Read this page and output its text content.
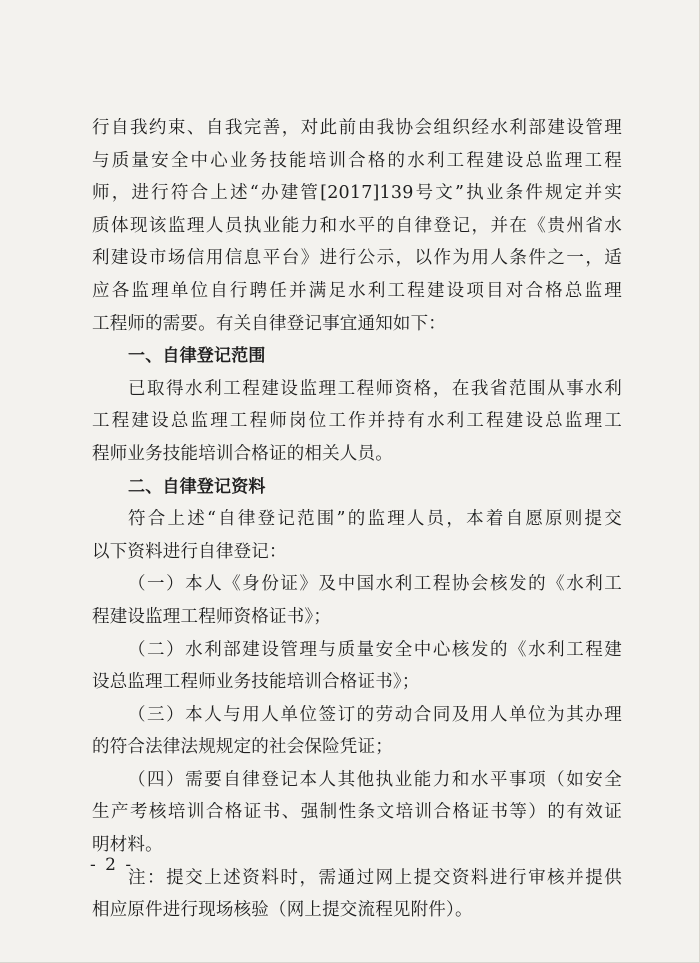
行自我约束、自我完善，对此前由我协会组织经水利部建设管理
与质量安全中心业务技能培训合格的水利工程建设总监理工程
师，进行符合上述“办建管[2017]139号文”执业条件规定并实
质体现该监理人员执业能力和水平的自律登记，并在《贵州省水
利建设市场信用信息平台》进行公示，以作为用人条件之一，适
应各监理单位自行聘任并满足水利工程建设项目对合格总监理
工程师的需要。有关自律登记事宜通知如下：
一、自律登记范围
已取得水利工程建设监理工程师资格，在我省范围从事水利
工程建设总监理工程师岗位工作并持有水利工程建设总监理工
程师业务技能培训合格证的相关人员。
二、自律登记资料
符合上述“自律登记范围”的监理人员，本着自愿原则提交
以下资料进行自律登记：
（一）本人《身份证》及中国水利工程协会核发的《水利工
程建设监理工程师资格证书》；
（二）水利部建设管理与质量安全中心核发的《水利工程建
设总监理工程师业务技能培训合格证书》；
（三）本人与用人单位签订的劳动合同及用人单位为其办理
的符合法律法规规定的社会保险凭证；
（四）需要自律登记本人其他执业能力和水平事项（如安全
生产考核培训合格证书、强制性条文培训合格证书等）的有效证
明材料。
注：提交上述资料时，需通过网上提交资料进行审核并提供
相应原件进行现场核验（网上提交流程见附件）。
- 2 -
